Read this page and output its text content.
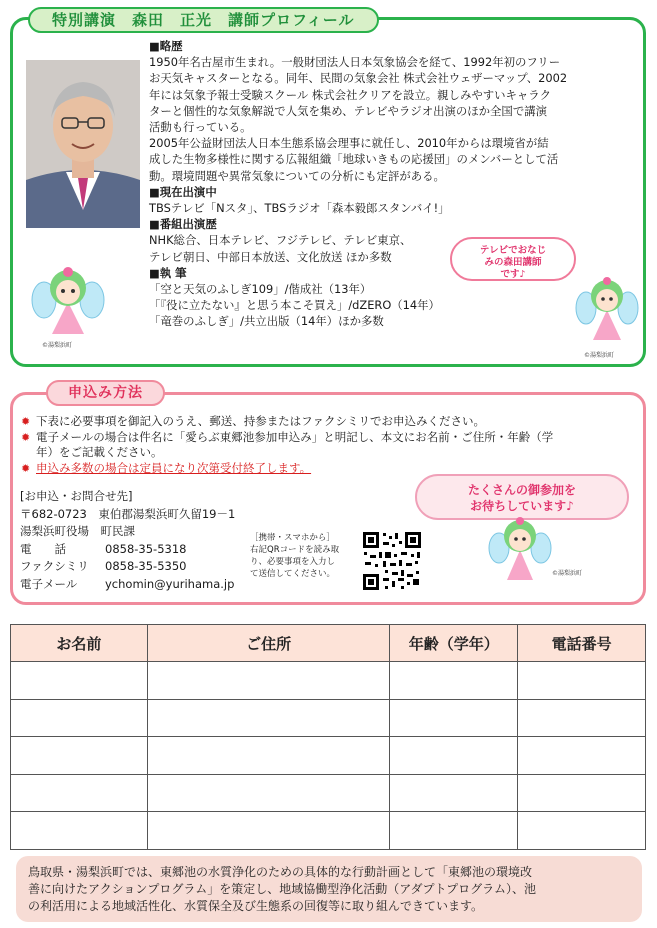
特別講演　森田　正光　講師プロフィール

■略歴

1950年名古屋市生まれ。一般財団法人日本気象協会を経て、1992年初のフリー

お天気キャスターとなる。同年、民間の気象会社 株式会社ウェザーマップ、2002

年には気象予報士受験スクール 株式会社クリアを設立。親しみやすいキャラク

ターと個性的な気象解説で人気を集め、テレビやラジオ出演のほか全国で講演

活動も行っている。

2005年公益財団法人日本生態系協会理事に就任し、2010年からは環境省が結

成した生物多様性に関する広報組織「地球いきもの応援団」のメンバーとして活

動。環境問題や異常気象についての分析にも定評がある。

■現在出演中

TBSテレビ「Nスタ」、TBSラジオ「森本毅郎スタンバイ!」

■番組出演歴

NHK総合、日本テレビ、フジテレビ、テレビ東京、

テレビ朝日、中部日本放送、文化放送 ほか多数

■執 筆

「空と天気のふしぎ109」/偕成社（13年）

「『役に立たない』と思う本こそ買え」/dZERO（14年）

「竜巻のふしぎ」/共立出版（14年）ほか多数

テレビでおなじ
みの森田講師
です♪
©湯梨浜町
©湯梨浜町
申込み方法
✹ 下表に必要事項を御記入のうえ、郵送、持参またはファクシミリでお申込みください。
✹ 電子メールの場合は件名に「愛らぶ東郷池参加申込み」と明記し、本文にお名前・ご住所・年齢（学
年）をご記載ください。
✹ 申込み多数の場合は定員になり次第受付終了します。
[お申込・お問合せ先]
〒682-0723　東伯郡湯梨浜町久留19－1
湯梨浜町役場　町民課
電　　話	0858-35-5318
ファクシミリ	0858-35-5350
電子メール	ychomin@yurihama.jp
［携帯・スマホから］
右記QRコードを読み取
り、必要事項を入力し
て送信してください。
たくさんの御参加を
お待ちしています♪
©湯梨浜町
お名前	ご住所	年齢（学年）	電話番号

鳥取県・湯梨浜町では、東郷池の水質浄化のための具体的な行動計画として「東郷池の環境改
善に向けたアクションプログラム」を策定し、地域協働型浄化活動（アダプトプログラム）、池
の利活用による地域活性化、水質保全及び生態系の回復等に取り組んできています。
